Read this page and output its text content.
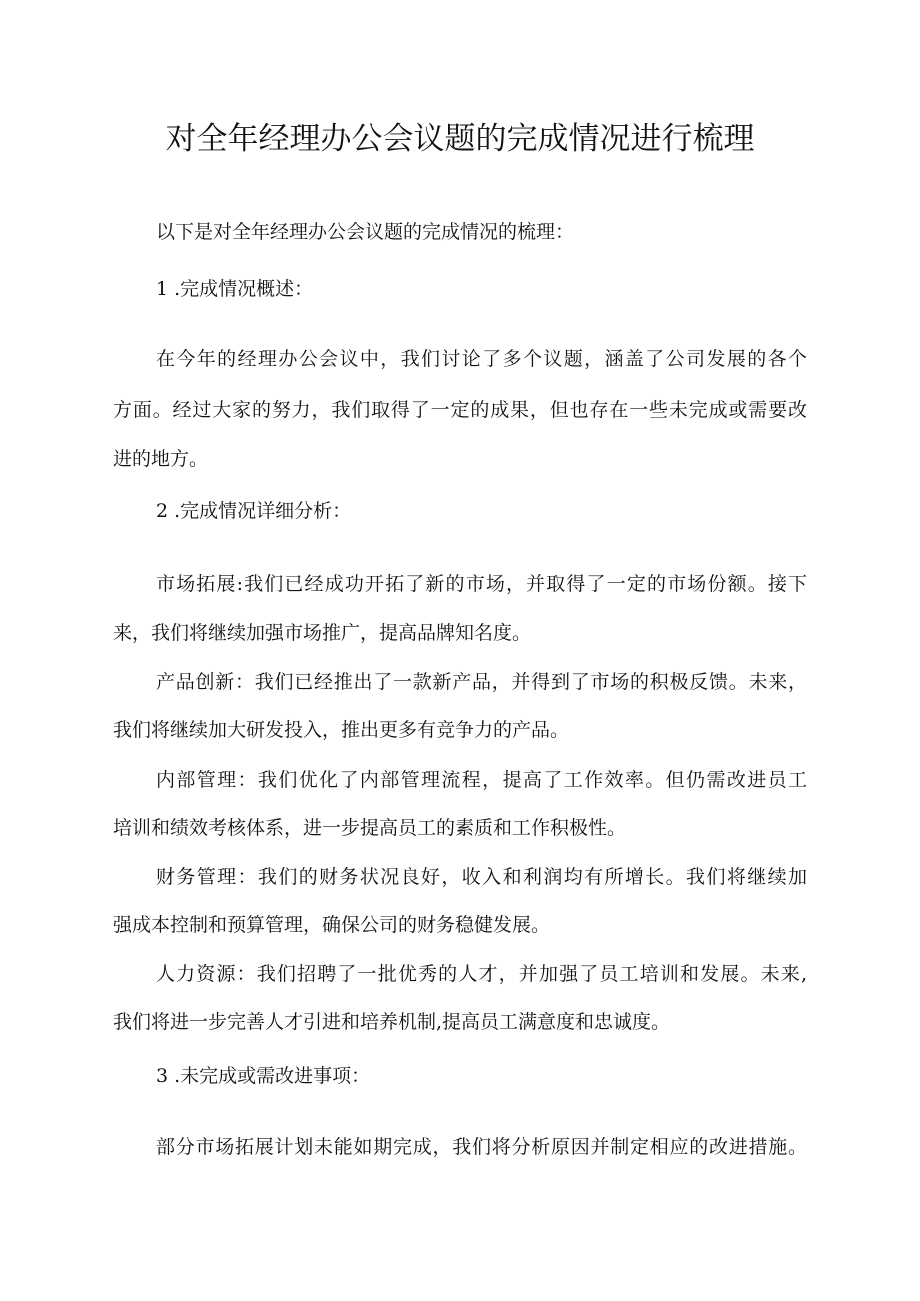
对全年经理办公会议题的完成情况进行梳理

以下是对全年经理办公会议题的完成情况的梳理：

1 .完成情况概述：

在今年的经理办公会议中，我们讨论了多个议题，涵盖了公司发展的各个

方面。经过大家的努力，我们取得了一定的成果，但也存在一些未完成或需要改

进的地方。

2 .完成情况详细分析：

市场拓展:我们已经成功开拓了新的市场，并取得了一定的市场份额。接下

来，我们将继续加强市场推广，提高品牌知名度。

产品创新：我们已经推出了一款新产品，并得到了市场的积极反馈。未来，

我们将继续加大研发投入，推出更多有竞争力的产品。

内部管理：我们优化了内部管理流程，提高了工作效率。但仍需改进员工

培训和绩效考核体系，进一步提高员工的素质和工作积极性。

财务管理：我们的财务状况良好，收入和利润均有所增长。我们将继续加

强成本控制和预算管理，确保公司的财务稳健发展。

人力资源：我们招聘了一批优秀的人才，并加强了员工培训和发展。未来,

我们将进一步完善人才引进和培养机制,提高员工满意度和忠诚度。

3 .未完成或需改进事项：

部分市场拓展计划未能如期完成，我们将分析原因并制定相应的改进措施。
